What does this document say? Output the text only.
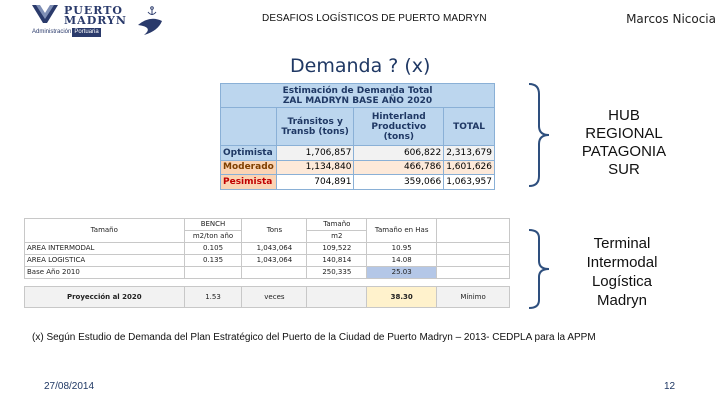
PUERTO
MADRYN
Administración Portuaria
DESAFIOS LOGÍSTICOS DE PUERTO MADRYN	Marcos Nicocia
Demanda ? (x)
Estimación de Demanda Total
ZAL MADRYN BASE AÑO 2020			

	Tránsitos y Transb (tons)	Hinterland Productivo (tons)	TOTAL
Optimista	1,706,857	606,822	2,313,679
Moderado	1,134,840	466,786	1,601,626
Pesimista	704,891	359,066	1,063,957
Tamaño	BENCH	Tons	Tamaño	Tamaño en Has	
	m2/ton año		m2		
AREA INTERMODAL	0.105	1,043,064	109,522	10.95	
AREA LOGISTICA	0.135	1,043,064	140,814	14.08	
Base Año 2010			250,335	25.03	

Proyección al 2020	1.53	veces		38.30	Mínimo
HUB
REGIONAL
PATAGONIA
SUR
Terminal
Intermodal
Logística
Madryn
(x) Según Estudio de Demanda del Plan Estratégico del Puerto de la Ciudad de Puerto Madryn – 2013- CEDPLA para la APPM
27/08/2014	12
